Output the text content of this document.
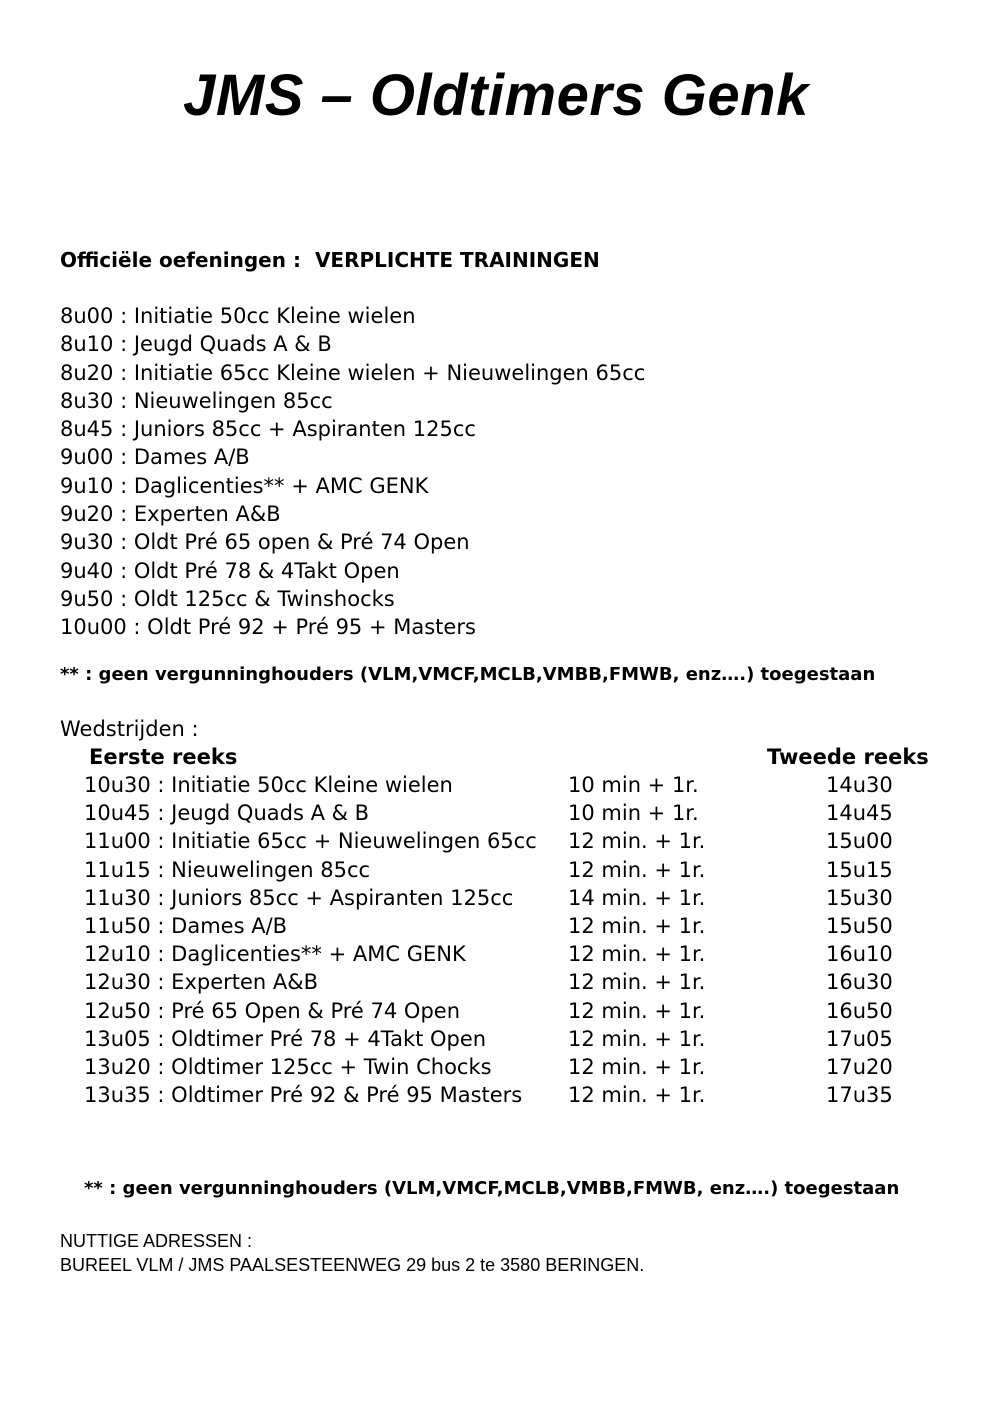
JMS – Oldtimers Genk
Officiële oefeningen : VERPLICHTE TRAININGEN
8u00 : Initiatie 50cc Kleine wielen
8u10 : Jeugd Quads A & B
8u20 : Initiatie 65cc Kleine wielen + Nieuwelingen 65cc
8u30 : Nieuwelingen 85cc
8u45 : Juniors 85cc + Aspiranten 125cc
9u00 : Dames A/B
9u10 : Daglicenties** + AMC GENK
9u20 : Experten A&B
9u30 : Oldt Pré 65 open & Pré 74 Open
9u40 : Oldt Pré 78 & 4Takt Open
9u50 : Oldt 125cc & Twinshocks
10u00 : Oldt Pré 92 + Pré 95 + Masters
** : geen vergunninghouders (VLM,VMCF,MCLB,VMBB,FMWB, enz….) toegestaan
Wedstrijden :
Eerste reeks	Tweede reeks
10u30 : Initiatie 50cc Kleine wielen	10 min + 1r.	14u30
10u45 : Jeugd Quads A & B	10 min + 1r.	14u45
11u00 : Initiatie 65cc + Nieuwelingen 65cc 12 min. + 1r.	15u00
11u15 : Nieuwelingen 85cc	12 min. + 1r.	15u15
11u30 : Juniors 85cc + Aspiranten 125cc	14 min. + 1r.	15u30
11u50 : Dames A/B	12 min. + 1r.	15u50
12u10 : Daglicenties** + AMC GENK	12 min. + 1r.	16u10
12u30 : Experten A&B	12 min. + 1r.	16u30
12u50 : Pré 65 Open & Pré 74 Open	12 min. + 1r.	16u50
13u05 : Oldtimer Pré 78 + 4Takt Open	12 min. + 1r.	17u05
13u20 : Oldtimer 125cc + Twin Chocks	12 min. + 1r.	17u20
13u35 : Oldtimer Pré 92 & Pré 95 Masters 12 min. + 1r.	17u35
** : geen vergunninghouders (VLM,VMCF,MCLB,VMBB,FMWB, enz….) toegestaan
NUTTIGE ADRESSEN :
BUREEL VLM / JMS PAALSESTEENWEG 29 bus 2 te 3580 BERINGEN.
